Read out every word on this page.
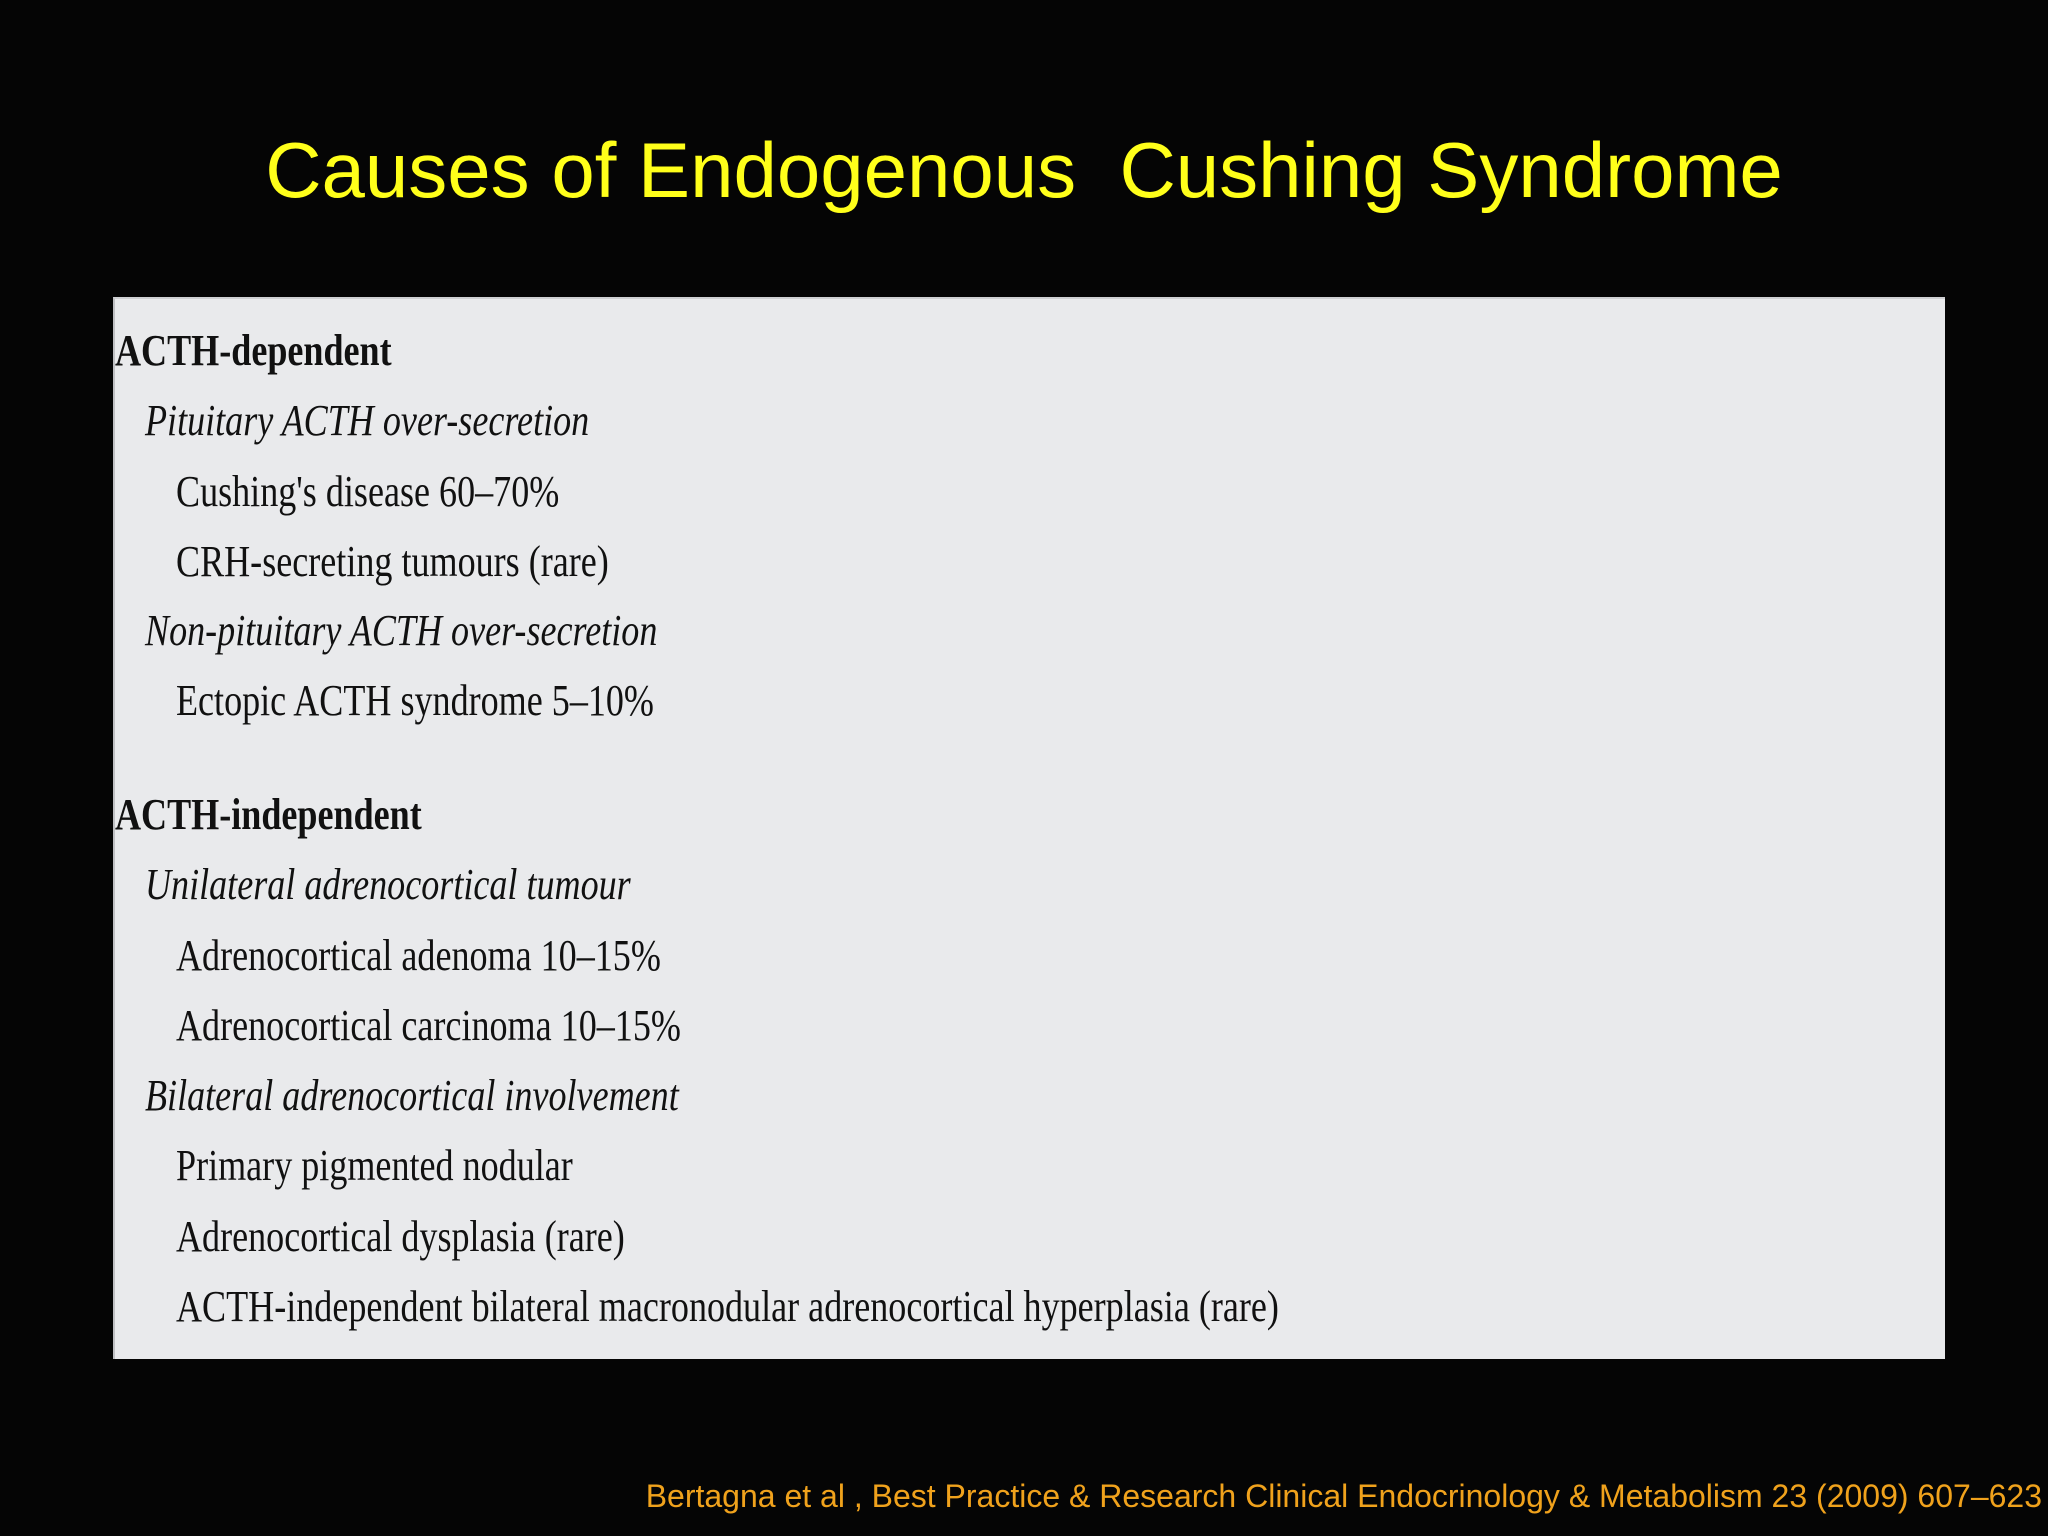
Causes of Endogenous  Cushing Syndrome
ACTH-dependent
Pituitary ACTH over-secretion
Cushing's disease 60–70%
CRH-secreting tumours (rare)
Non-pituitary ACTH over-secretion
Ectopic ACTH syndrome 5–10%
ACTH-independent
Unilateral adrenocortical tumour
Adrenocortical adenoma 10–15%
Adrenocortical carcinoma 10–15%
Bilateral adrenocortical involvement
Primary pigmented nodular
Adrenocortical dysplasia (rare)
ACTH-independent bilateral macronodular adrenocortical hyperplasia (rare)
Bertagna et al , Best Practice & Research Clinical Endocrinology & Metabolism 23 (2009) 607–623
